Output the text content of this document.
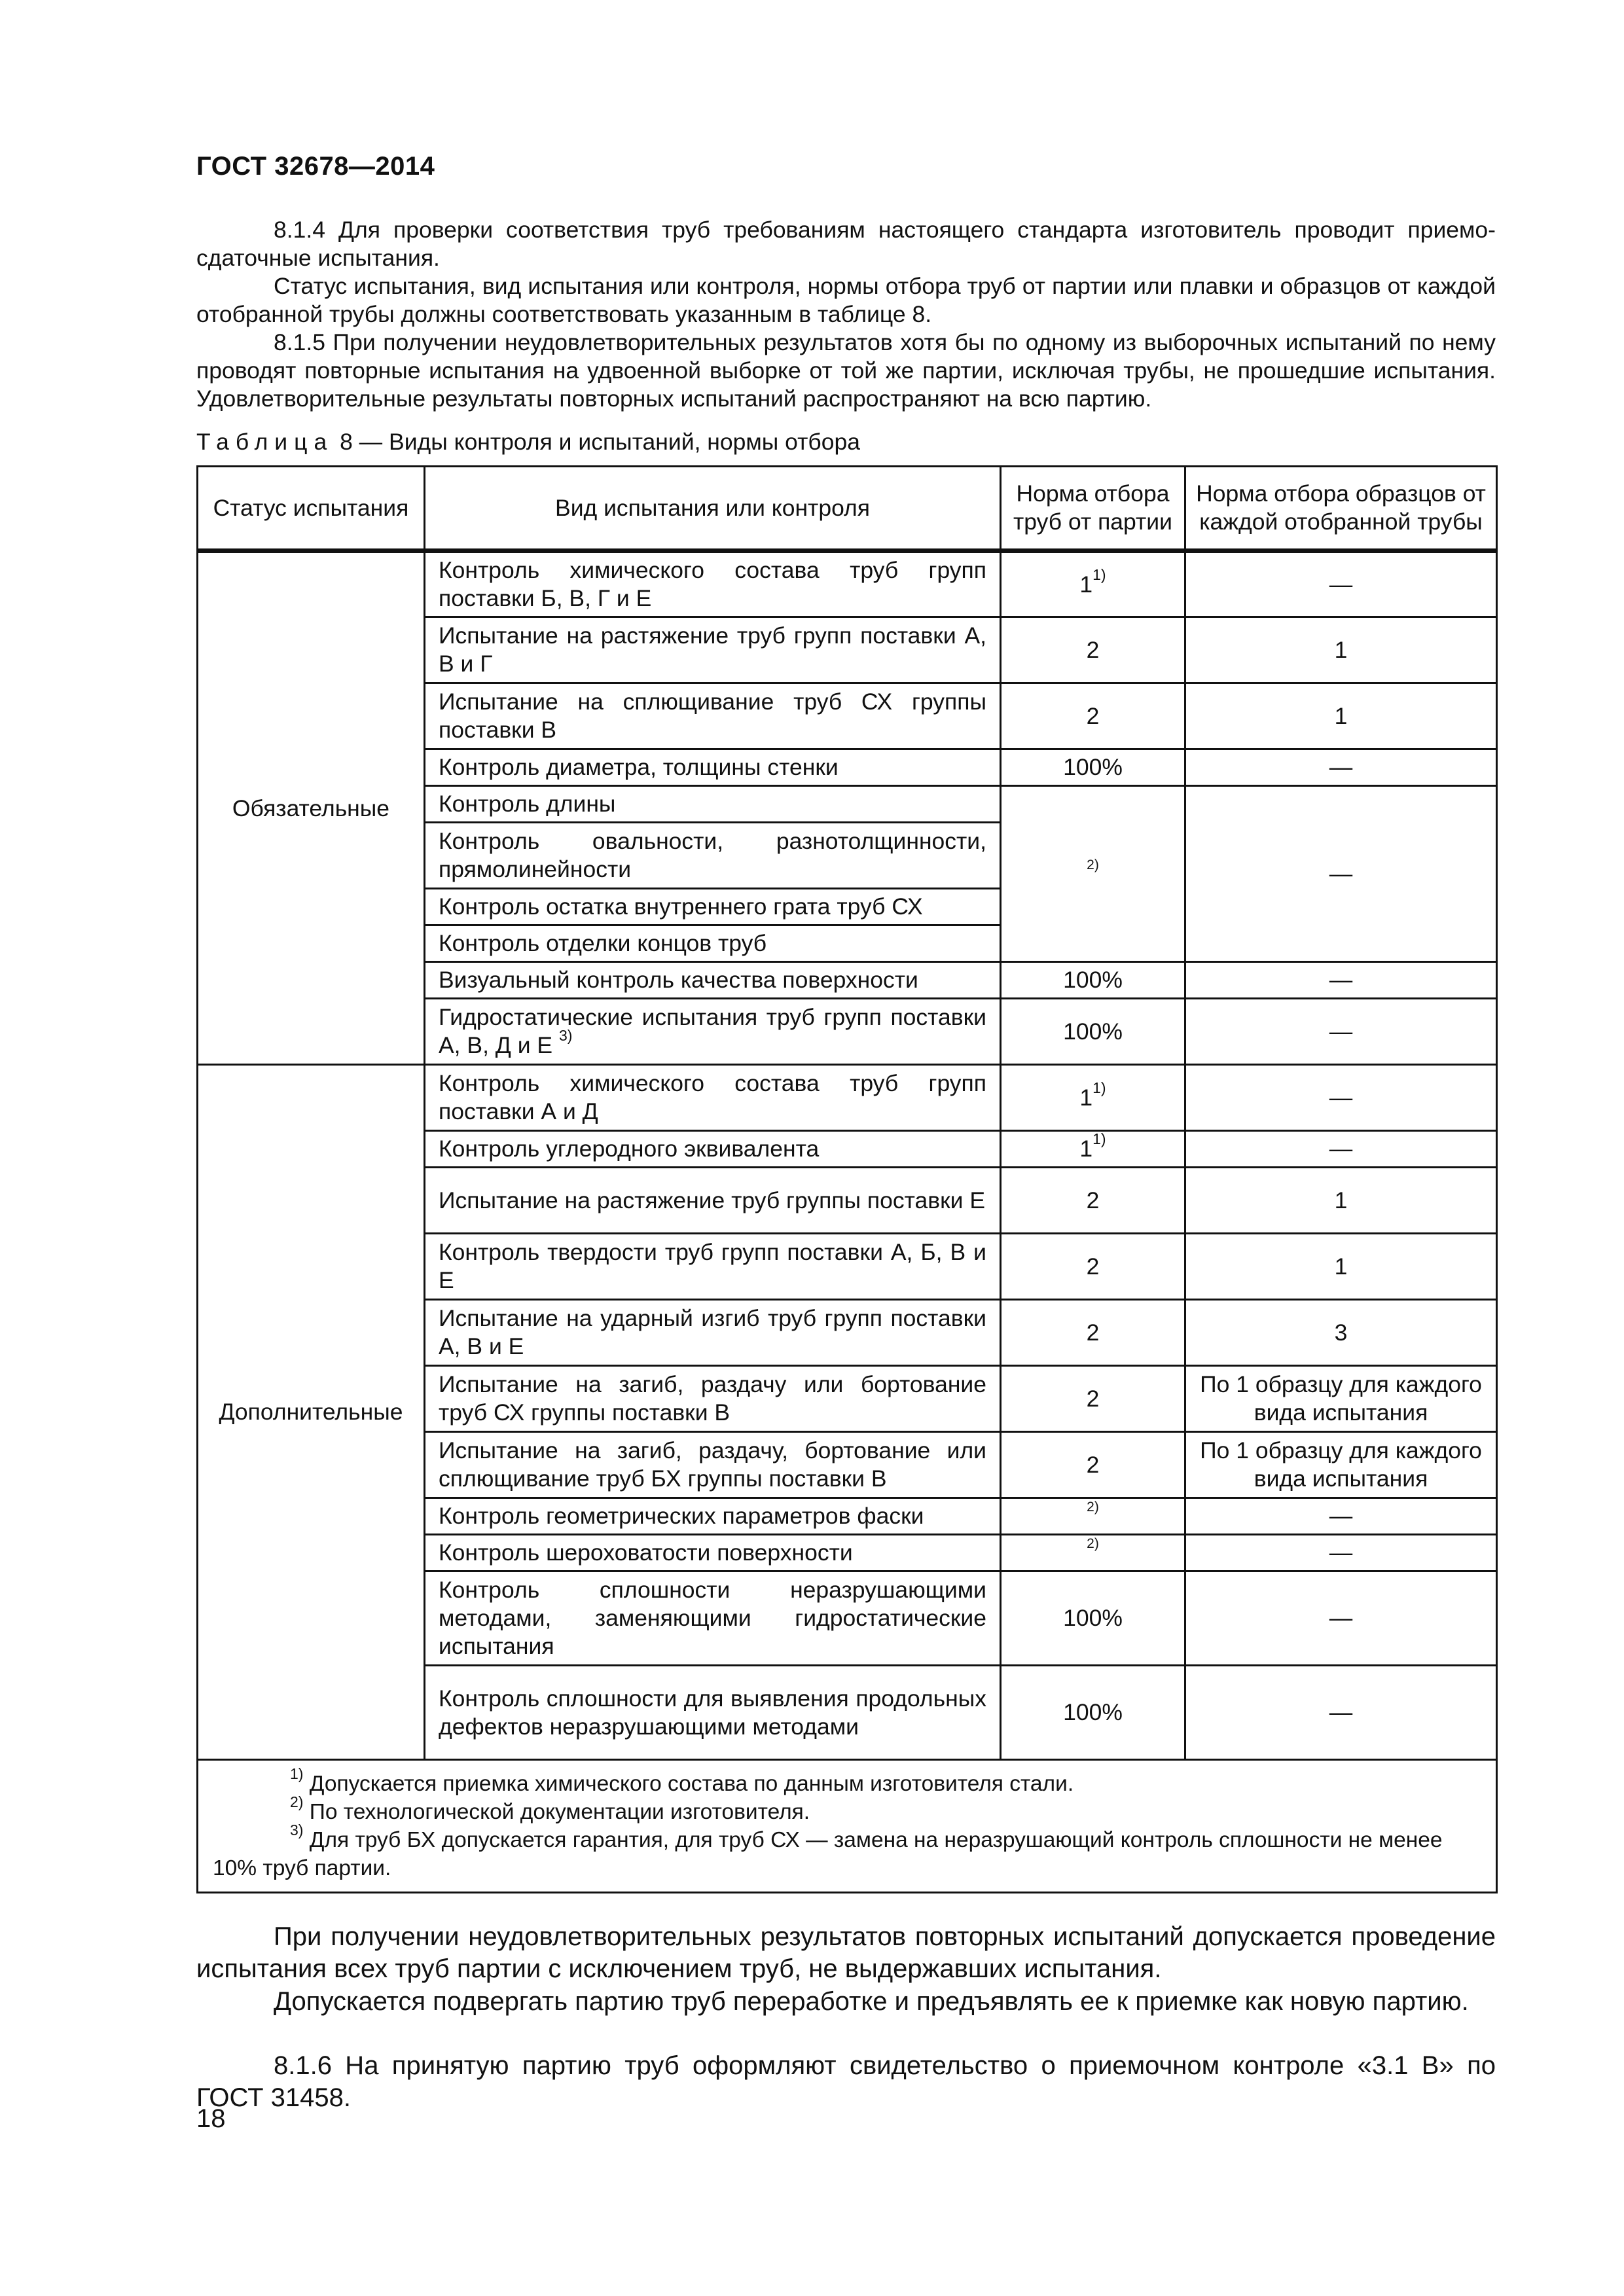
ГОСТ 32678—2014

8.1.4 Для проверки соответствия труб требованиям настоящего стандарта изготовитель проводит приемо-сдаточные испытания.

Статус испытания, вид испытания или контроля, нормы отбора труб от партии или плавки и образцов от каждой отобранной трубы должны соответствовать указанным в таблице 8.

8.1.5 При получении неудовлетворительных результатов хотя бы по одному из выборочных испытаний по нему проводят повторные испытания на удвоенной выборке от той же партии, исключая трубы, не прошедшие испытания. Удовлетворительные результаты повторных испытаний распространяют на всю партию.

Таблица 8 — Виды контроля и испытаний, нормы отбора
Статус испытания	Вид испытания или контроля	Норма отбора труб от партии	Норма отбора образцов от каждой отобранной трубы
Обязательные	Контроль химического состава труб групп поставки Б, В, Г и Е	1$^{1)}$	—
	Испытание на растяжение труб групп поставки А, В и Г	2	1
	Испытание на сплющивание труб СХ группы поставки В	2	1
	Контроль диаметра, толщины стенки	100%	—
	Контроль длины	$^{2)}$	—
	Контроль овальности, разнотолщинности, прямолинейности		
	Контроль остатка внутреннего грата труб СХ		
	Контроль отделки концов труб		
	Визуальный контроль качества поверхности	100%	—
	Гидростатические испытания труб групп поставки А, В, Д и Е $^{3)}$	100%	—
Дополнительные	Контроль химического состава труб групп поставки А и Д	1$^{1)}$	—
	Контроль углеродного эквивалента	1$^{1)}$	—
	Испытание на растяжение труб группы поставки Е	2	1
	Контроль твердости труб групп поставки А, Б, В и Е	2	1
	Испытание на ударный изгиб труб групп поставки А, В и Е	2	3
	Испытание на загиб, раздачу или бортование труб СХ группы поставки В	2	По 1 образцу для каждого вида испытания
	Испытание на загиб, раздачу, бортование или сплющивание труб БХ группы поставки В	2	По 1 образцу для каждого вида испытания
	Контроль геометрических параметров фаски	$^{2)}$	—
	Контроль шероховатости поверхности	$^{2)}$	—
	Контроль сплошности неразрушающими методами, заменяющими гидростатические испытания	100%	—
	Контроль сплошности для выявления продольных дефектов неразрушающими методами	100%	—

$^{1)}$ Допускается приемка химического состава по данным изготовителя стали.
$^{2)}$ По технологической документации изготовителя.
$^{3)}$ Для труб БХ допускается гарантия, для труб СХ — замена на неразрушающий контроль сплошности не менее 10% труб партии.			

При получении неудовлетворительных результатов повторных испытаний допускается проведение испытания всех труб партии с исключением труб, не выдержавших испытания.

Допускается подвергать партию труб переработке и предъявлять ее к приемке как новую партию.

8.1.6 На принятую партию труб оформляют свидетельство о приемочном контроле «3.1 В» по ГОСТ 31458.

18
